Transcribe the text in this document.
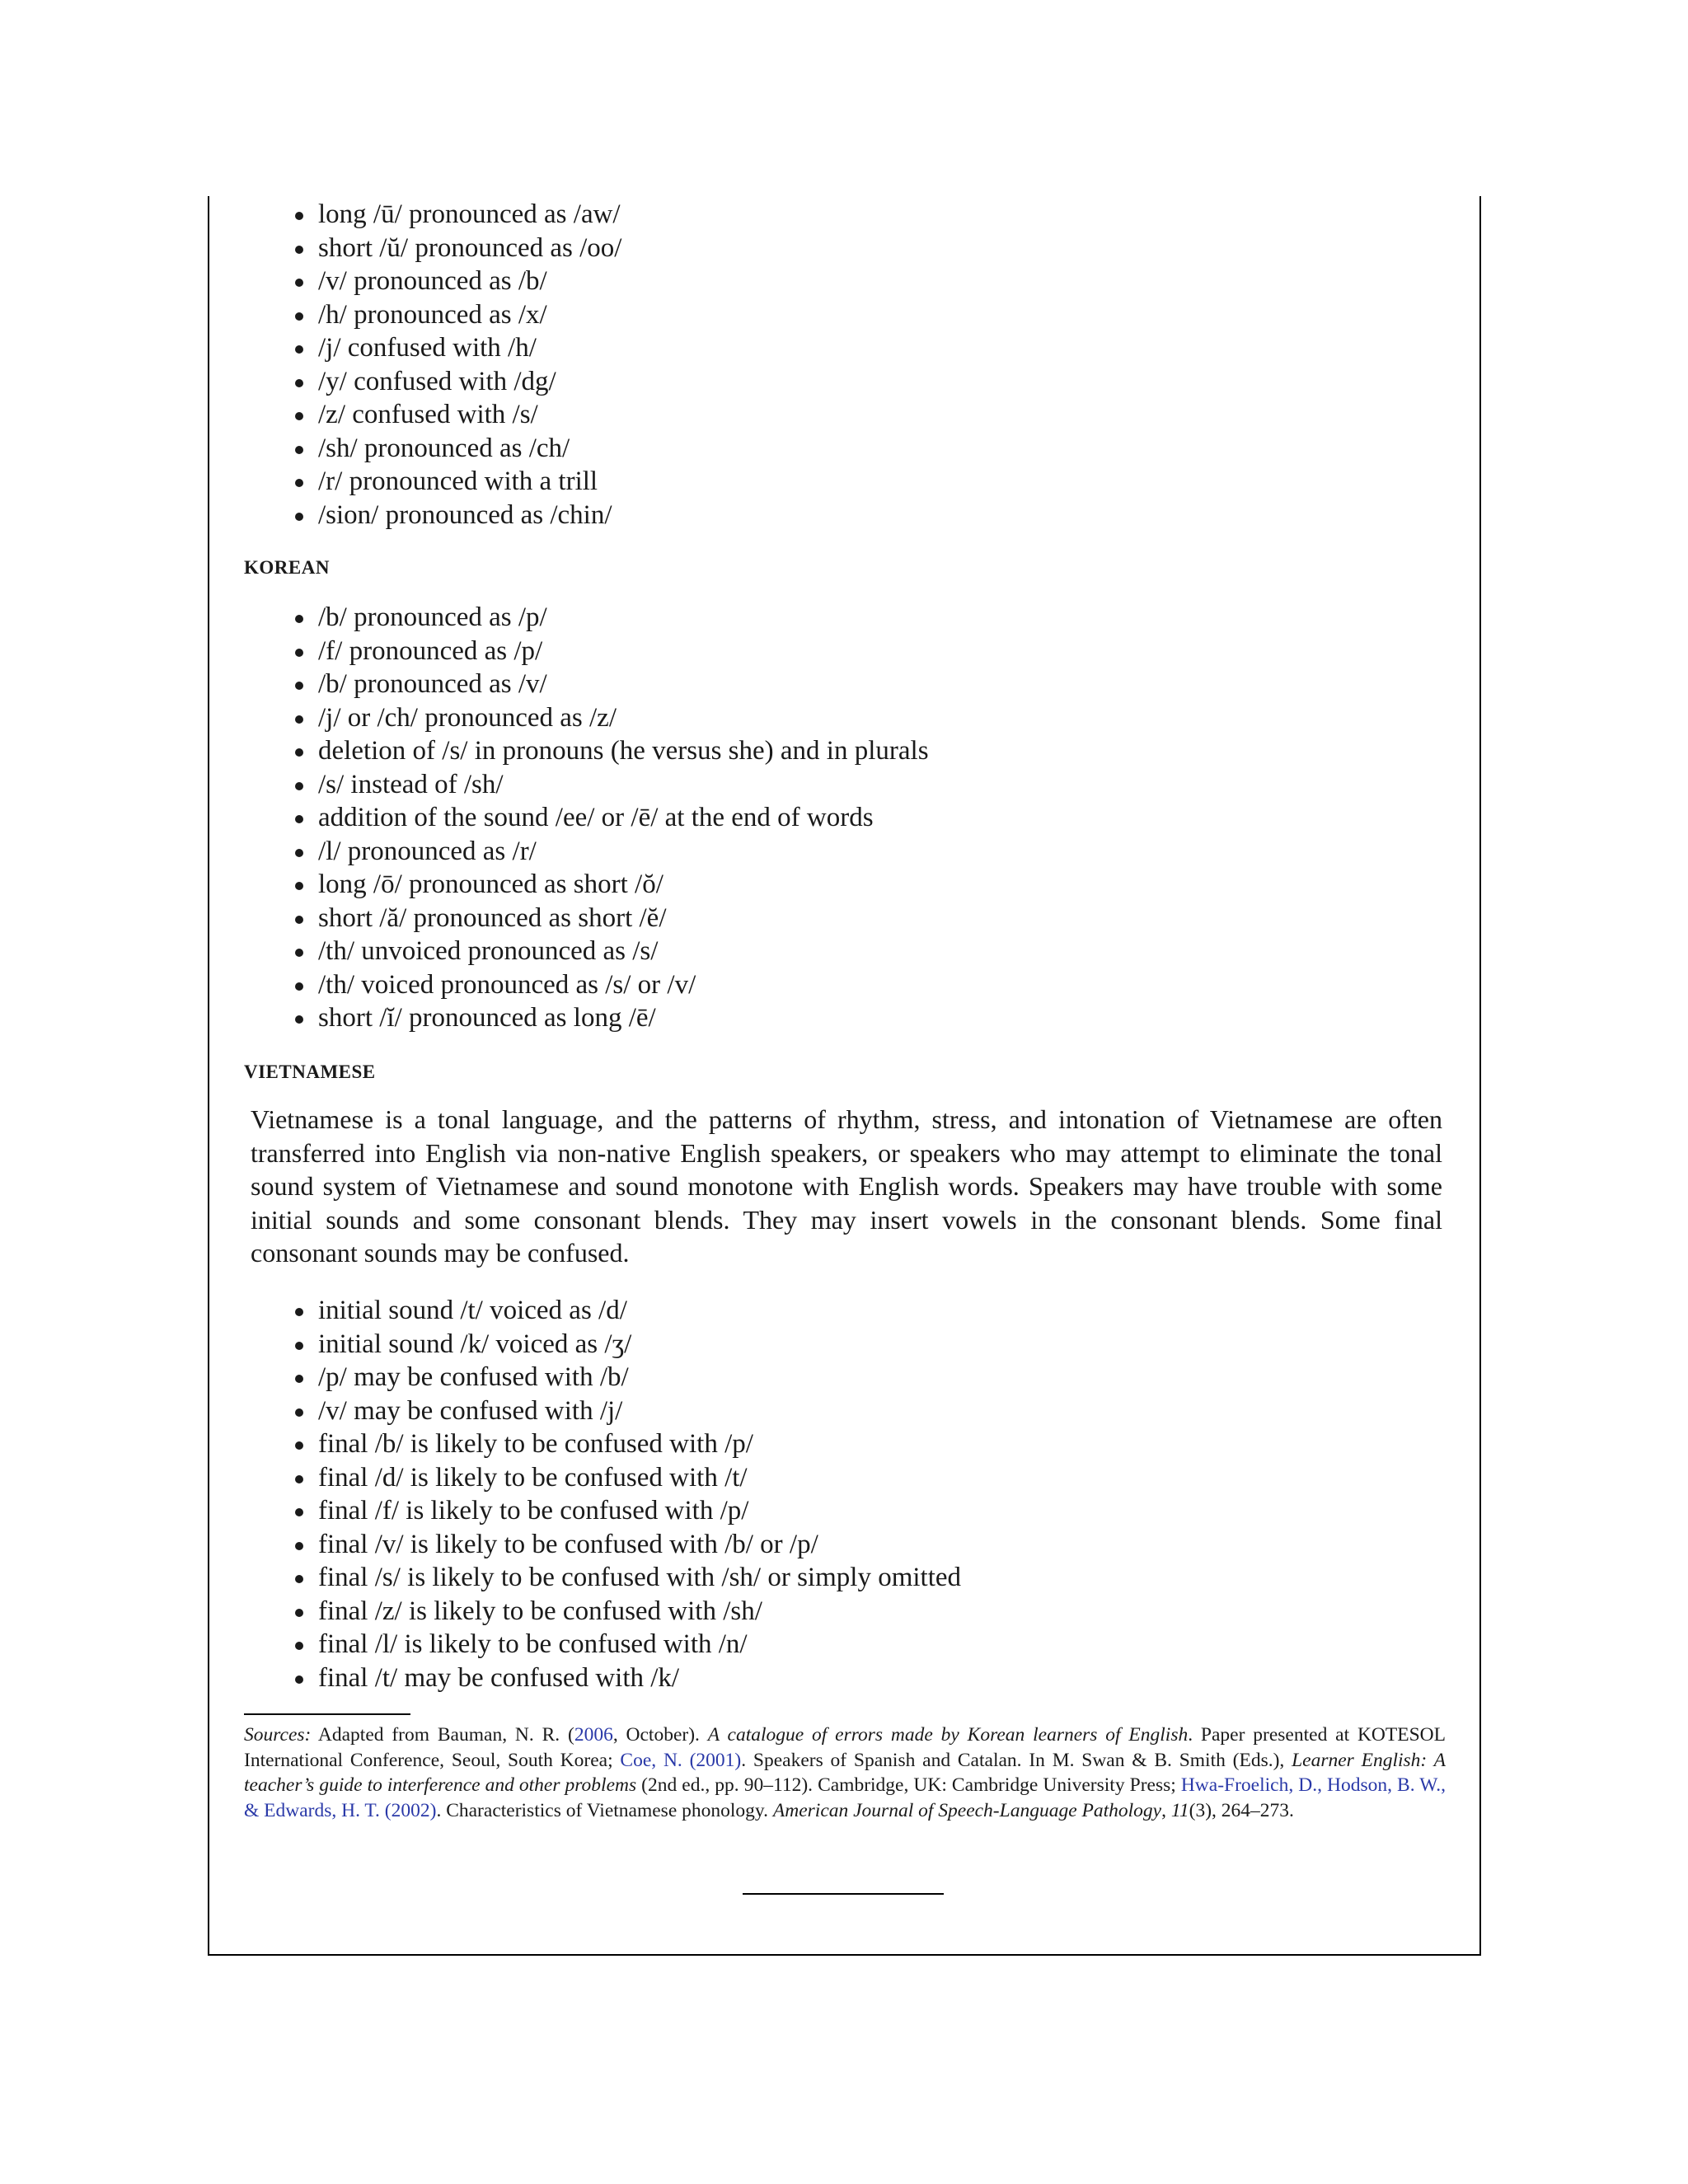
long /ū/ pronounced as /aw/
short /ŭ/ pronounced as /oo/
/v/ pronounced as /b/
/h/ pronounced as /x/
/j/ confused with /h/
/y/ confused with /dg/
/z/ confused with /s/
/sh/ pronounced as /ch/
/r/ pronounced with a trill
/sion/ pronounced as /chin/
KOREAN
/b/ pronounced as /p/
/f/ pronounced as /p/
/b/ pronounced as /v/
/j/ or /ch/ pronounced as /z/
deletion of /s/ in pronouns (he versus she) and in plurals
/s/ instead of /sh/
addition of the sound /ee/ or /ē/ at the end of words
/l/ pronounced as /r/
long /ō/ pronounced as short /ŏ/
short /ă/ pronounced as short /ĕ/
/th/ unvoiced pronounced as /s/
/th/ voiced pronounced as /s/ or /v/
short /ĭ/ pronounced as long /ē/
VIETNAMESE

Vietnamese is a tonal language, and the patterns of rhythm, stress, and intonation of Vietnamese are often transferred into English via non-native English speakers, or speakers who may attempt to eliminate the tonal sound system of Vietnamese and sound monotone with English words. Speakers may have trouble with some initial sounds and some consonant blends. They may insert vowels in the consonant blends. Some final consonant sounds may be confused.

initial sound /t/ voiced as /d/
initial sound /k/ voiced as /ʒ/
/p/ may be confused with /b/
/v/ may be confused with /j/
final /b/ is likely to be confused with /p/
final /d/ is likely to be confused with /t/
final /f/ is likely to be confused with /p/
final /v/ is likely to be confused with /b/ or /p/
final /s/ is likely to be confused with /sh/ or simply omitted
final /z/ is likely to be confused with /sh/
final /l/ is likely to be confused with /n/
final /t/ may be confused with /k/

Sources: Adapted from Bauman, N. R. (2006, October). A catalogue of errors made by Korean learners of English. Paper presented at KOTESOL International Conference, Seoul, South Korea; Coe, N. (2001). Speakers of Spanish and Catalan. In M. Swan & B. Smith (Eds.), Learner English: A teacher’s guide to interference and other problems (2nd ed., pp. 90–112). Cambridge, UK: Cambridge University Press; Hwa-Froelich, D., Hodson, B. W., & Edwards, H. T. (2002). Characteristics of Vietnamese phonology. American Journal of Speech-Language Pathology, 11(3), 264–273.
